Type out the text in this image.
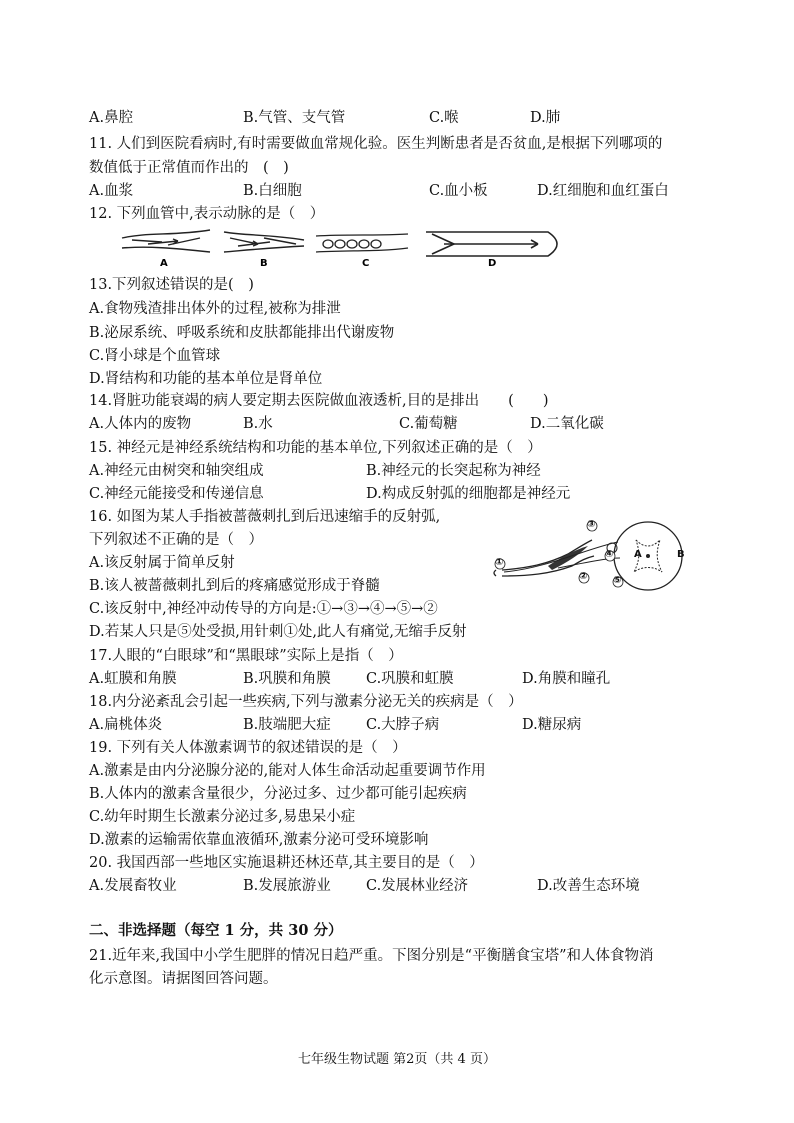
A.鼻腔	B.气管、支气管	C.喉	D.肺
11. 人们到医院看病时,有时需要做血常规化验。医生判断患者是否贫血,是根据下列哪项的
数值低于正常值而作出的　(　)
A.血浆	B.白细胞	C.血小板	D.红细胞和血红蛋白
12. 下列血管中,表示动脉的是（　）
A	B	C	D
13.下列叙述错误的是(　)
A.食物残渣排出体外的过程,被称为排泄
B.泌尿系统、呼吸系统和皮肤都能排出代谢废物
C.肾小球是个血管球
D.肾结构和功能的基本单位是肾单位
14.肾脏功能衰竭的病人要定期去医院做血液透析,目的是排出　　(　　)
A.人体内的废物	B.水	C.葡萄糖	D.二氧化碳
15. 神经元是神经系统结构和功能的基本单位,下列叙述正确的是（　）
A.神经元由树突和轴突组成	B.神经元的长突起称为神经
C.神经元能接受和传递信息	D.构成反射弧的细胞都是神经元
16. 如图为某人手指被蔷薇刺扎到后迅速缩手的反射弧,
下列叙述不正确的是（　）
A.该反射属于简单反射
B.该人被蔷薇刺扎到后的疼痛感觉形成于脊髓
C.该反射中,神经冲动传导的方向是:①→③→④→⑤→②
D.若某人只是⑤处受损,用针刺①处,此人有痛觉,无缩手反射
①
②
③
④
⑤
A	B
17.人眼的“白眼球”和“黑眼球”实际上是指（　）
A.虹膜和角膜	B.巩膜和角膜 C.巩膜和虹膜	D.角膜和瞳孔
18.内分泌紊乱会引起一些疾病,下列与激素分泌无关的疾病是（　）
A.扁桃体炎	B.肢端肥大症 C.大脖子病	D.糖尿病
19. 下列有关人体激素调节的叙述错误的是（　）
A.激素是由内分泌腺分泌的,能对人体生命活动起重要调节作用
B.人体内的激素含量很少，分泌过多、过少都可能引起疾病
C.幼年时期生长激素分泌过多,易患呆小症
D.激素的运输需依靠血液循环,激素分泌可受环境影响
20. 我国西部一些地区实施退耕还林还草,其主要目的是（　）
A.发展畜牧业	B.发展旅游业 C.发展林业经济	D.改善生态环境
二、非选择题（每空 1 分，共 30 分）
21.近年来,我国中小学生肥胖的情况日趋严重。下图分别是“平衡膳食宝塔”和人体食物消
化示意图。请据图回答问题。
七年级生物试题 第2页（共 4 页）
